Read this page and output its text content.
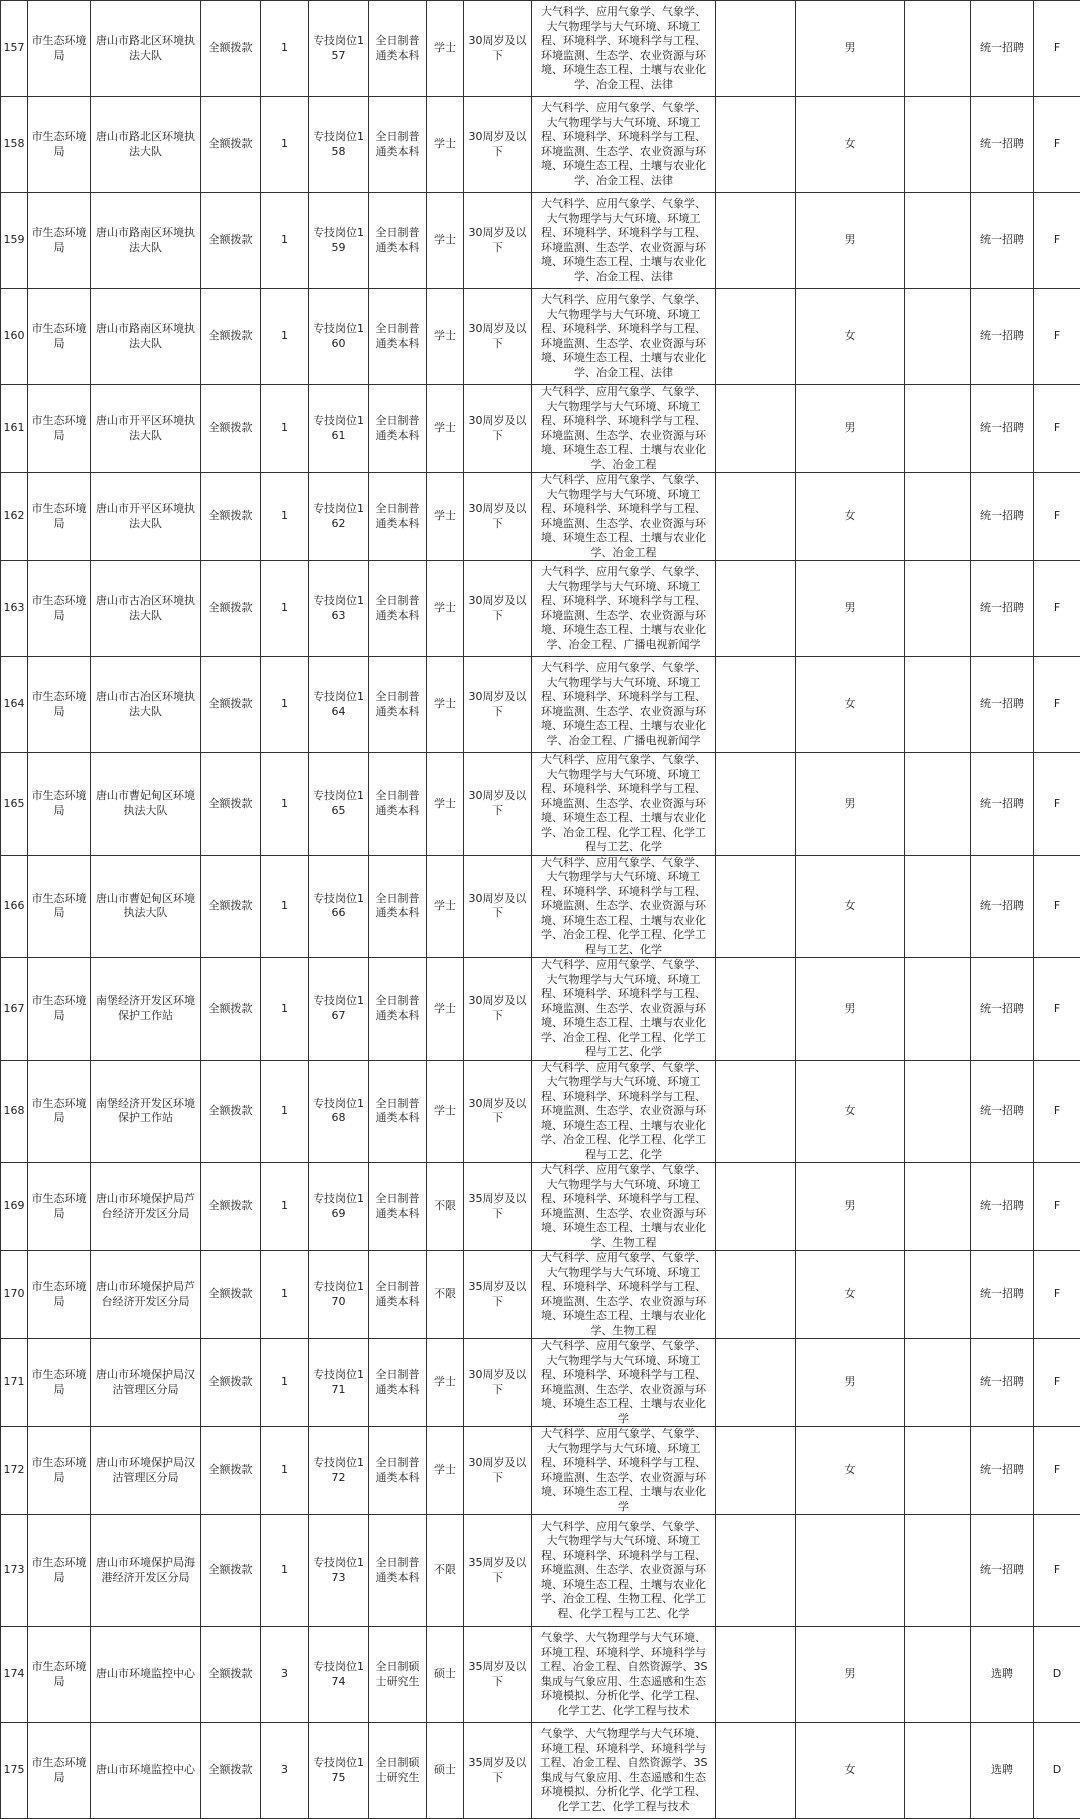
157	市生态环境局	唐山市路北区环境执法大队	全额拨款	1	专技岗位157	全日制普通类本科	学士	30周岁及以下	大气科学、应用气象学、气象学、大气物理学与大气环境、环境工程、环境科学、环境科学与工程、环境监测、生态学、农业资源与环境、环境生态工程、土壤与农业化学、冶金工程、法律		男		统一招聘	F
158	市生态环境局	唐山市路北区环境执法大队	全额拨款	1	专技岗位158	全日制普通类本科	学士	30周岁及以下	大气科学、应用气象学、气象学、大气物理学与大气环境、环境工程、环境科学、环境科学与工程、环境监测、生态学、农业资源与环境、环境生态工程、土壤与农业化学、冶金工程、法律		女		统一招聘	F
159	市生态环境局	唐山市路南区环境执法大队	全额拨款	1	专技岗位159	全日制普通类本科	学士	30周岁及以下	大气科学、应用气象学、气象学、大气物理学与大气环境、环境工程、环境科学、环境科学与工程、环境监测、生态学、农业资源与环境、环境生态工程、土壤与农业化学、冶金工程、法律		男		统一招聘	F
160	市生态环境局	唐山市路南区环境执法大队	全额拨款	1	专技岗位160	全日制普通类本科	学士	30周岁及以下	大气科学、应用气象学、气象学、大气物理学与大气环境、环境工程、环境科学、环境科学与工程、环境监测、生态学、农业资源与环境、环境生态工程、土壤与农业化学、冶金工程、法律		女		统一招聘	F
161	市生态环境局	唐山市开平区环境执法大队	全额拨款	1	专技岗位161	全日制普通类本科	学士	30周岁及以下	大气科学、应用气象学、气象学、大气物理学与大气环境、环境工程、环境科学、环境科学与工程、环境监测、生态学、农业资源与环境、环境生态工程、土壤与农业化学、冶金工程		男		统一招聘	F
162	市生态环境局	唐山市开平区环境执法大队	全额拨款	1	专技岗位162	全日制普通类本科	学士	30周岁及以下	大气科学、应用气象学、气象学、大气物理学与大气环境、环境工程、环境科学、环境科学与工程、环境监测、生态学、农业资源与环境、环境生态工程、土壤与农业化学、冶金工程		女		统一招聘	F
163	市生态环境局	唐山市古冶区环境执法大队	全额拨款	1	专技岗位163	全日制普通类本科	学士	30周岁及以下	大气科学、应用气象学、气象学、大气物理学与大气环境、环境工程、环境科学、环境科学与工程、环境监测、生态学、农业资源与环境、环境生态工程、土壤与农业化学、冶金工程、广播电视新闻学		男		统一招聘	F
164	市生态环境局	唐山市古冶区环境执法大队	全额拨款	1	专技岗位164	全日制普通类本科	学士	30周岁及以下	大气科学、应用气象学、气象学、大气物理学与大气环境、环境工程、环境科学、环境科学与工程、环境监测、生态学、农业资源与环境、环境生态工程、土壤与农业化学、冶金工程、广播电视新闻学		女		统一招聘	F
165	市生态环境局	唐山市曹妃甸区环境执法大队	全额拨款	1	专技岗位165	全日制普通类本科	学士	30周岁及以下	大气科学、应用气象学、气象学、大气物理学与大气环境、环境工程、环境科学、环境科学与工程、环境监测、生态学、农业资源与环境、环境生态工程、土壤与农业化学、冶金工程、化学工程、化学工程与工艺、化学		男		统一招聘	F
166	市生态环境局	唐山市曹妃甸区环境执法大队	全额拨款	1	专技岗位166	全日制普通类本科	学士	30周岁及以下	大气科学、应用气象学、气象学、大气物理学与大气环境、环境工程、环境科学、环境科学与工程、环境监测、生态学、农业资源与环境、环境生态工程、土壤与农业化学、冶金工程、化学工程、化学工程与工艺、化学		女		统一招聘	F
167	市生态环境局	南堡经济开发区环境保护工作站	全额拨款	1	专技岗位167	全日制普通类本科	学士	30周岁及以下	大气科学、应用气象学、气象学、大气物理学与大气环境、环境工程、环境科学、环境科学与工程、环境监测、生态学、农业资源与环境、环境生态工程、土壤与农业化学、冶金工程、化学工程、化学工程与工艺、化学		男		统一招聘	F
168	市生态环境局	南堡经济开发区环境保护工作站	全额拨款	1	专技岗位168	全日制普通类本科	学士	30周岁及以下	大气科学、应用气象学、气象学、大气物理学与大气环境、环境工程、环境科学、环境科学与工程、环境监测、生态学、农业资源与环境、环境生态工程、土壤与农业化学、冶金工程、化学工程、化学工程与工艺、化学		女		统一招聘	F
169	市生态环境局	唐山市环境保护局芦台经济开发区分局	全额拨款	1	专技岗位169	全日制普通类本科	不限	35周岁及以下	大气科学、应用气象学、气象学、大气物理学与大气环境、环境工程、环境科学、环境科学与工程、环境监测、生态学、农业资源与环境、环境生态工程、土壤与农业化学、生物工程		男		统一招聘	F
170	市生态环境局	唐山市环境保护局芦台经济开发区分局	全额拨款	1	专技岗位170	全日制普通类本科	不限	35周岁及以下	大气科学、应用气象学、气象学、大气物理学与大气环境、环境工程、环境科学、环境科学与工程、环境监测、生态学、农业资源与环境、环境生态工程、土壤与农业化学、生物工程		女		统一招聘	F
171	市生态环境局	唐山市环境保护局汉沽管理区分局	全额拨款	1	专技岗位171	全日制普通类本科	学士	30周岁及以下	大气科学、应用气象学、气象学、大气物理学与大气环境、环境工程、环境科学、环境科学与工程、环境监测、生态学、农业资源与环境、环境生态工程、土壤与农业化学		男		统一招聘	F
172	市生态环境局	唐山市环境保护局汉沽管理区分局	全额拨款	1	专技岗位172	全日制普通类本科	学士	30周岁及以下	大气科学、应用气象学、气象学、大气物理学与大气环境、环境工程、环境科学、环境科学与工程、环境监测、生态学、农业资源与环境、环境生态工程、土壤与农业化学		女		统一招聘	F
173	市生态环境局	唐山市环境保护局海港经济开发区分局	全额拨款	1	专技岗位173	全日制普通类本科	不限	35周岁及以下	大气科学、应用气象学、气象学、大气物理学与大气环境、环境工程、环境科学、环境科学与工程、环境监测、生态学、农业资源与环境、环境生态工程、土壤与农业化学、冶金工程、生物工程、化学工程、化学工程与工艺、化学				统一招聘	F
174	市生态环境局	唐山市环境监控中心	全额拨款	3	专技岗位174	全日制硕士研究生	硕士	35周岁及以下	气象学、大气物理学与大气环境、环境工程、环境科学、环境科学与工程、冶金工程、自然资源学、3S集成与气象应用、生态遥感和生态环境模拟、分析化学、化学工程、化学工艺、化学工程与技术		男		选聘	D
175	市生态环境局	唐山市环境监控中心	全额拨款	3	专技岗位175	全日制硕士研究生	硕士	35周岁及以下	气象学、大气物理学与大气环境、环境工程、环境科学、环境科学与工程、冶金工程、自然资源学、3S集成与气象应用、生态遥感和生态环境模拟、分析化学、化学工程、化学工艺、化学工程与技术		女		选聘	D
